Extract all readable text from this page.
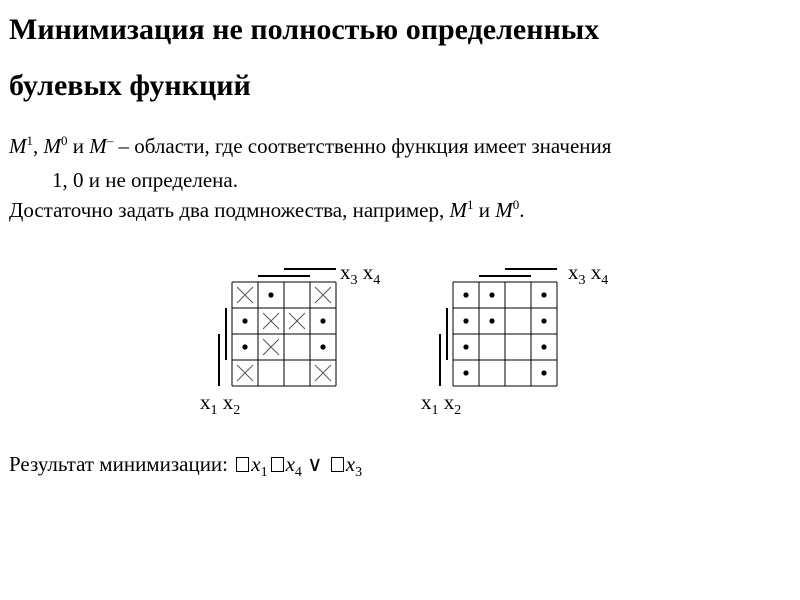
Минимизация не полностью определенных
булевых функций
$M^1$, $M^0$ и M– – области, где соответственно функция имеет значения
1, 0 и не определена.
Достаточно задать два подмножества, например, $M^1$ и $M^0$.
$x_3$ $x_4$
$x_1$ $x_2$
$x_3$ $x_4$
$x_1$ $x_2$
Результат минимизации: $x_1$ $x_4$ ∨ $x_3$
